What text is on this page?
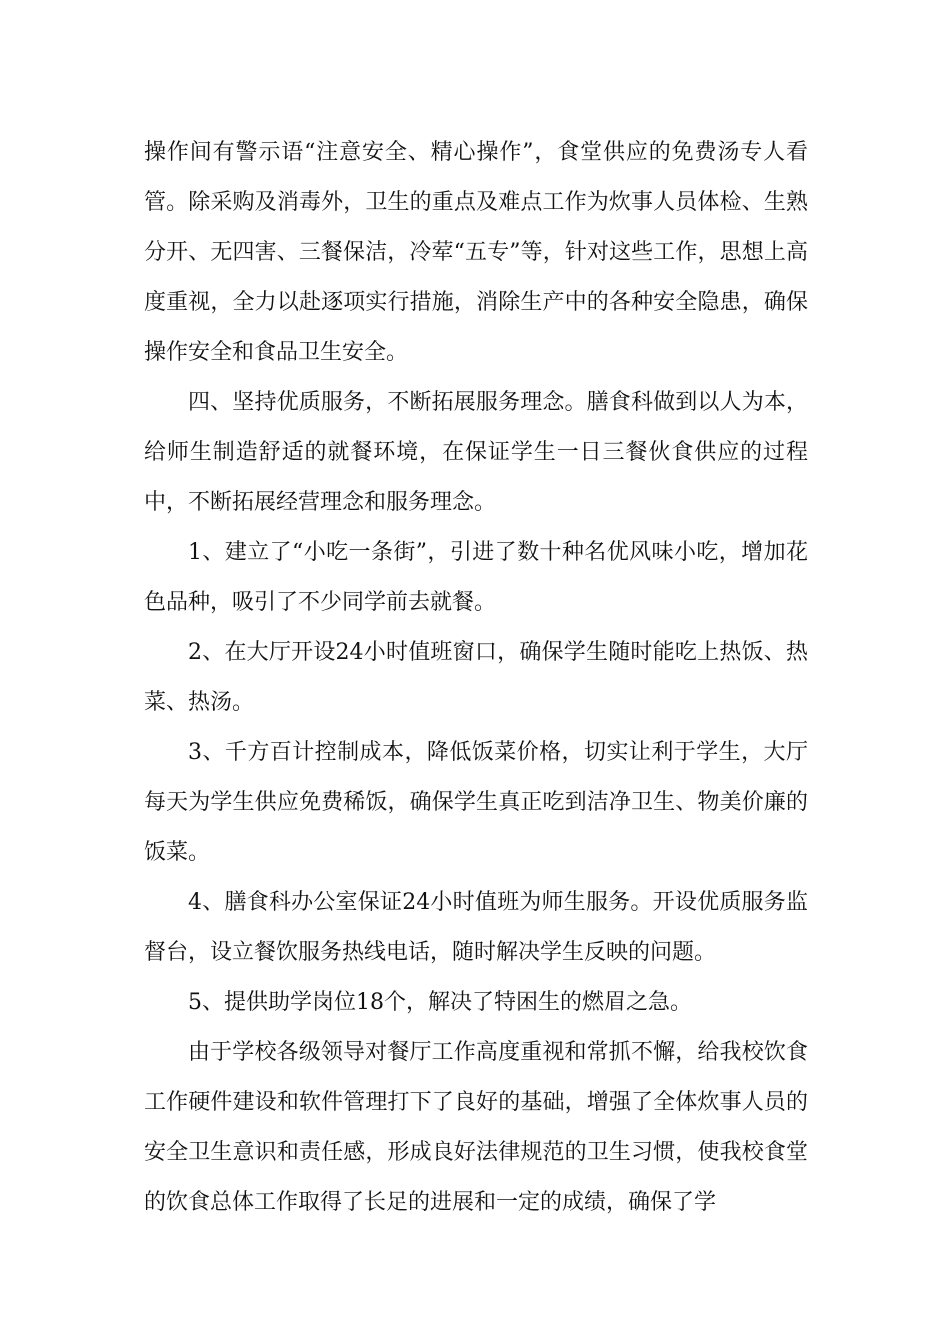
操作间有警示语“注意安全、精心操作”，食堂供应的免费汤专人看管。除采购及消毒外，卫生的重点及难点工作为炊事人员体检、生熟分开、无四害、三餐保洁，冷荤“五专”等，针对这些工作，思想上高度重视，全力以赴逐项实行措施，消除生产中的各种安全隐患，确保操作安全和食品卫生安全。

四、坚持优质服务，不断拓展服务理念。膳食科做到以人为本，给师生制造舒适的就餐环境，在保证学生一日三餐伙食供应的过程中，不断拓展经营理念和服务理念。

1、建立了“小吃一条街”，引进了数十种名优风味小吃，增加花色品种，吸引了不少同学前去就餐。

2、在大厅开设24小时值班窗口，确保学生随时能吃上热饭、热菜、热汤。

3、千方百计控制成本，降低饭菜价格，切实让利于学生，大厅每天为学生供应免费稀饭，确保学生真正吃到洁净卫生、物美价廉的饭菜。

4、膳食科办公室保证24小时值班为师生服务。开设优质服务监督台，设立餐饮服务热线电话，随时解决学生反映的问题。

5、提供助学岗位18个，解决了特困生的燃眉之急。

由于学校各级领导对餐厅工作高度重视和常抓不懈，给我校饮食工作硬件建设和软件管理打下了良好的基础，增强了全体炊事人员的安全卫生意识和责任感，形成良好法律规范的卫生习惯，使我校食堂的饮食总体工作取得了长足的进展和一定的成绩，确保了学
